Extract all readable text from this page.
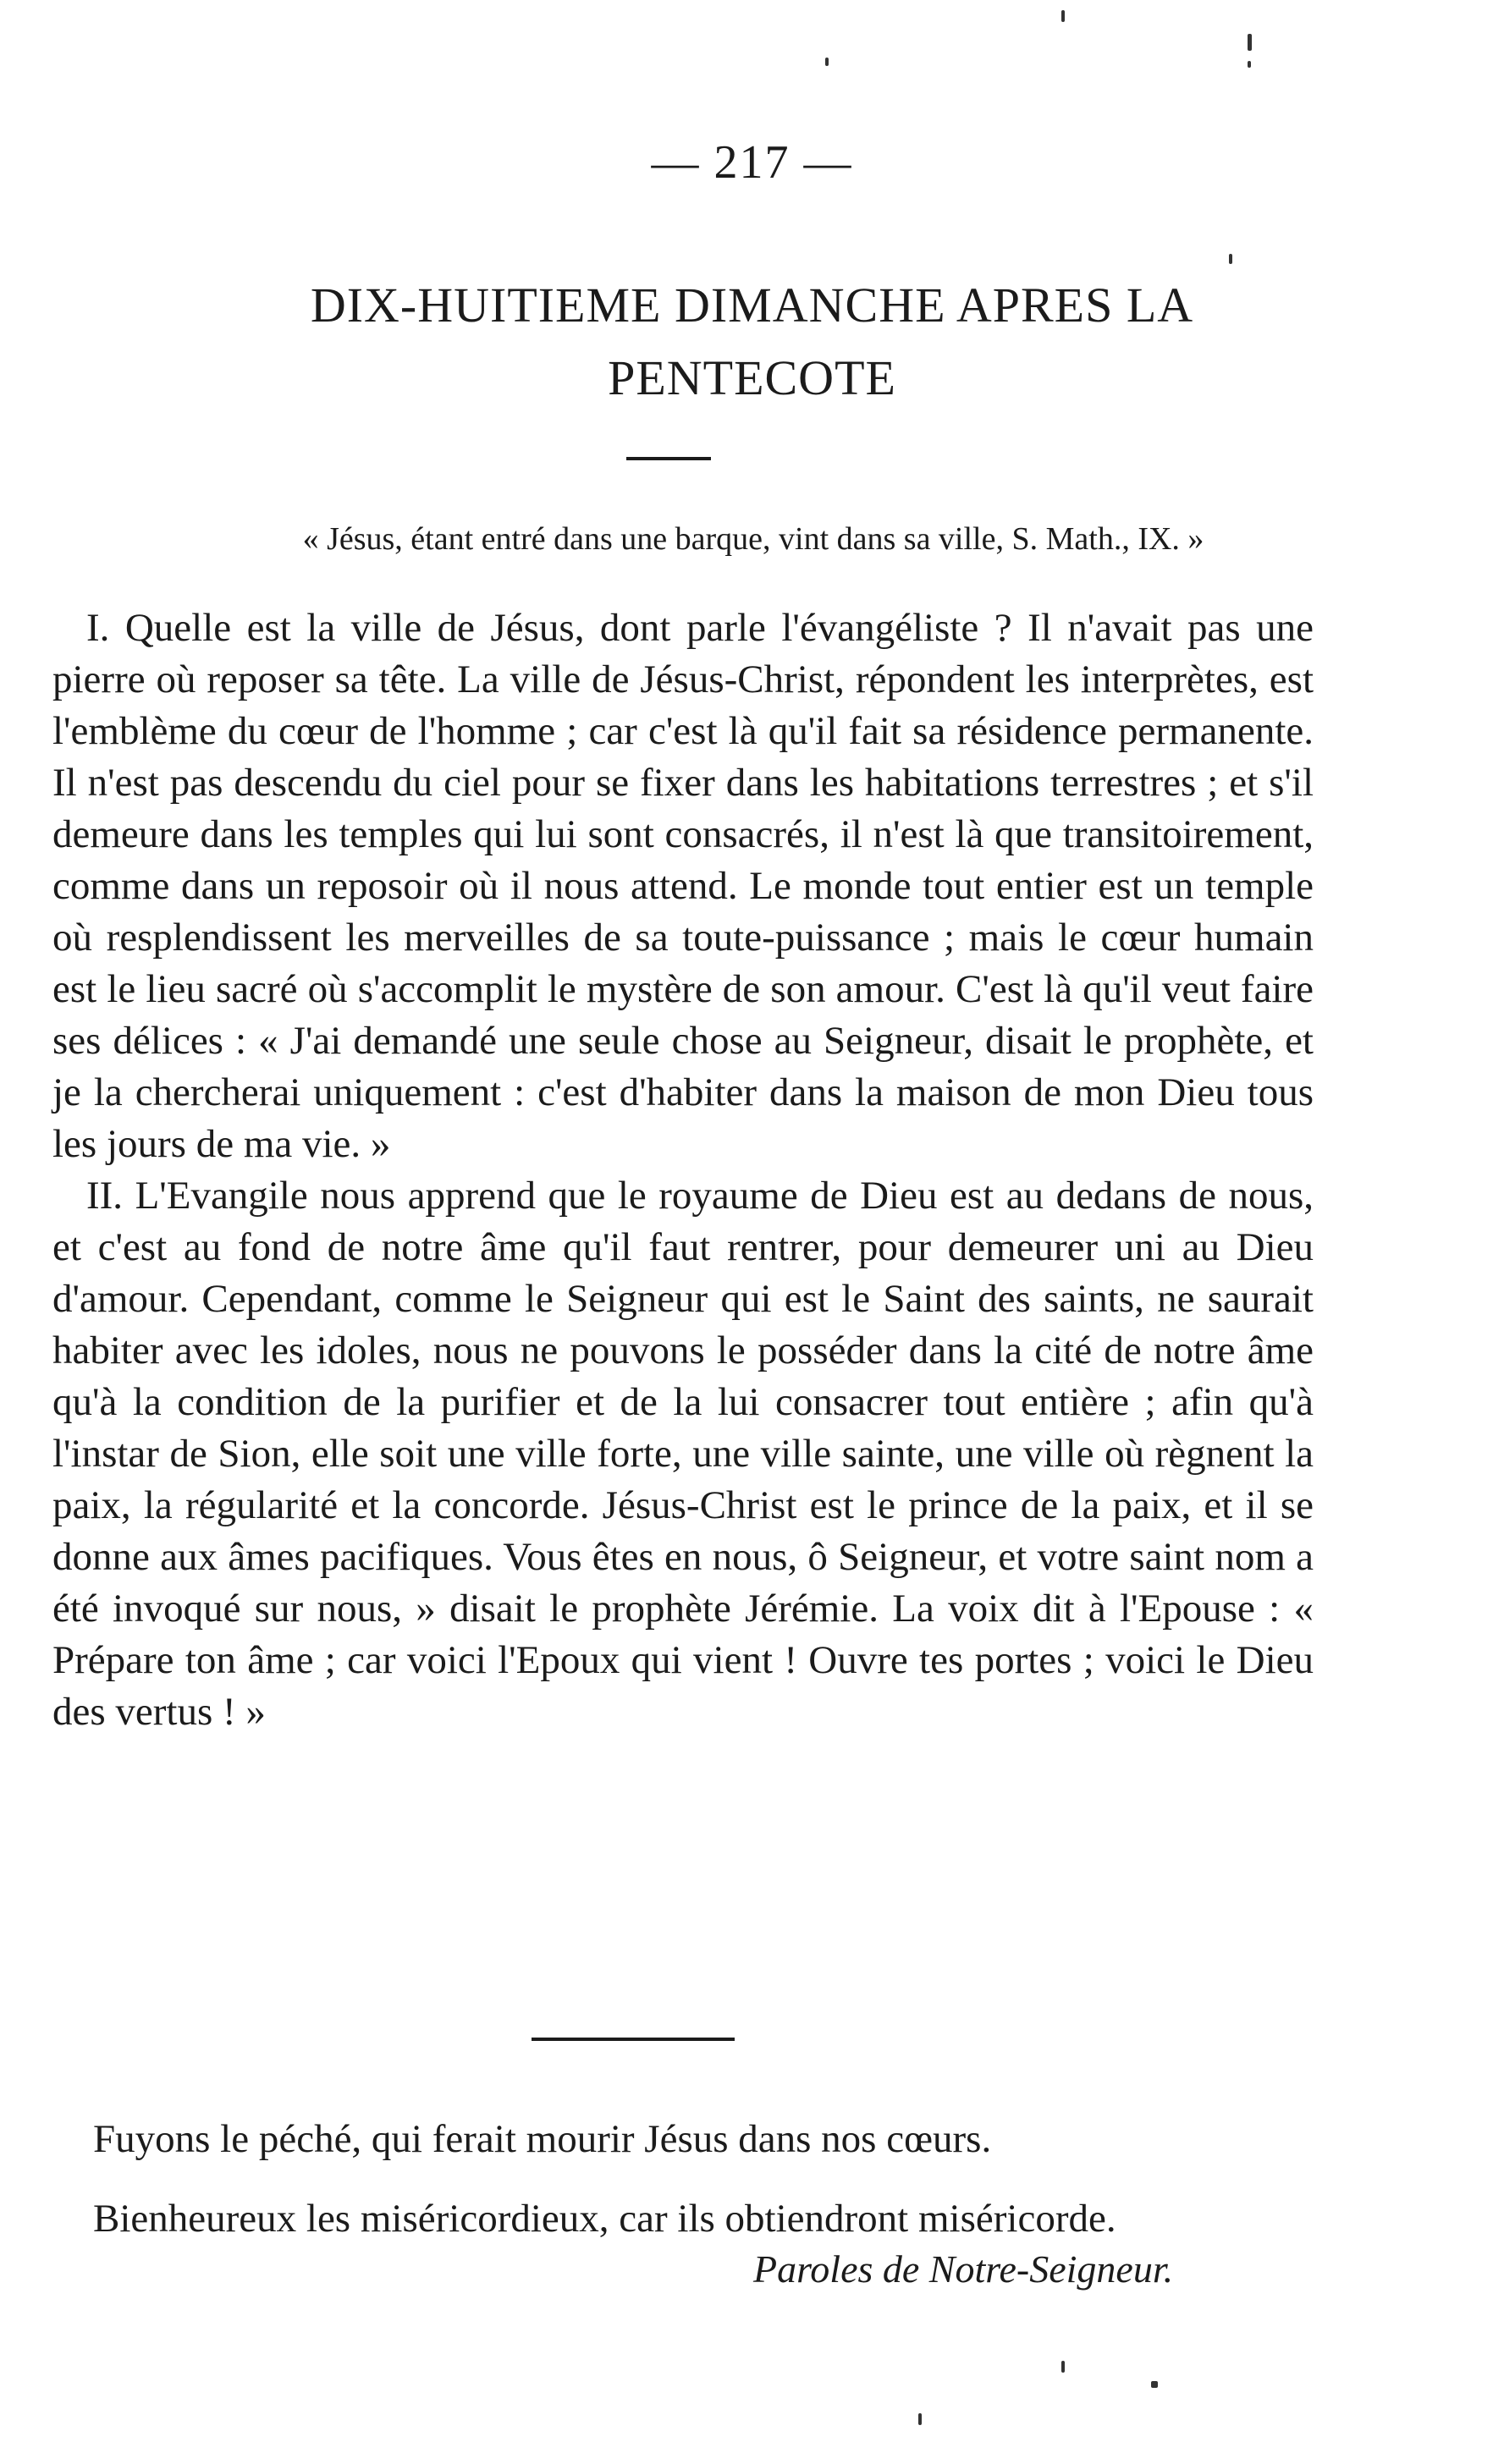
— 217 —
DIX-HUITIEME DIMANCHE APRES LA
PENTECOTE
« Jésus, étant entré dans une barque, vint dans sa ville, S. Math., IX. »

I. Quelle est la ville de Jésus, dont parle l'évangéliste ? Il n'avait pas une pierre où reposer sa tête. La ville de Jésus-Christ, répondent les interprètes, est l'emblème du cœur de l'homme ; car c'est là qu'il fait sa résidence permanente. Il n'est pas descendu du ciel pour se fixer dans les habitations terrestres ; et s'il demeure dans les temples qui lui sont consacrés, il n'est là que transitoirement, comme dans un reposoir où il nous attend. Le monde tout entier est un temple où resplendissent les merveilles de sa toute-puissance ; mais le cœur humain est le lieu sacré où s'accomplit le mystère de son amour. C'est là qu'il veut faire ses délices : « J'ai demandé une seule chose au Seigneur, disait le prophète, et je la chercherai uniquement : c'est d'habiter dans la maison de mon Dieu tous les jours de ma vie. »

II. L'Evangile nous apprend que le royaume de Dieu est au dedans de nous, et c'est au fond de notre âme qu'il faut rentrer, pour demeurer uni au Dieu d'amour. Cependant, comme le Seigneur qui est le Saint des saints, ne saurait habiter avec les idoles, nous ne pouvons le posséder dans la cité de notre âme qu'à la condition de la purifier et de la lui consacrer tout entière ; afin qu'à l'instar de Sion, elle soit une ville forte, une ville sainte, une ville où règnent la paix, la régularité et la concorde. Jésus-Christ est le prince de la paix, et il se donne aux âmes pacifiques. Vous êtes en nous, ô Seigneur, et votre saint nom a été invoqué sur nous, » disait le prophète Jérémie. La voix dit à l'Epouse : « Prépare ton âme ; car voici l'Epoux qui vient ! Ouvre tes portes ; voici le Dieu des vertus ! »

Fuyons le péché, qui ferait mourir Jésus dans nos cœurs.
Bienheureux les miséricordieux, car ils obtiendront miséricorde.
Paroles de Notre-Seigneur.
